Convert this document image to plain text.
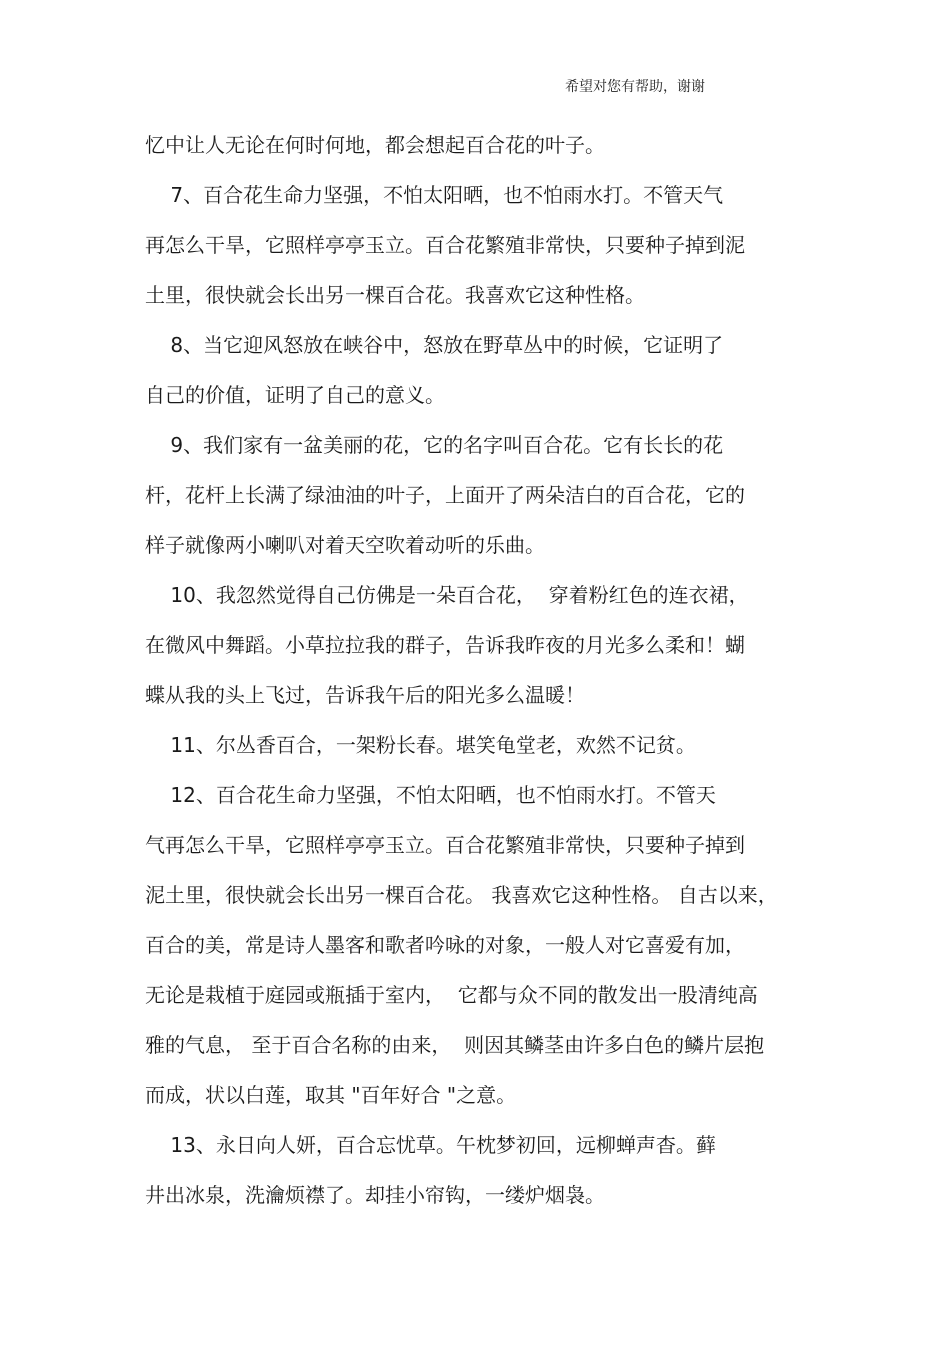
希望对您有帮助，谢谢
忆中让人无论在何时何地，都会想起百合花的叶子。
7、百合花生命力坚强，不怕太阳晒，也不怕雨水打。不管天气
再怎么干旱，它照样亭亭玉立。百合花繁殖非常快，只要种子掉到泥
土里，很快就会长出另一棵百合花。我喜欢它这种性格。
8、当它迎风怒放在峡谷中，怒放在野草丛中的时候，它证明了
自己的价值，证明了自己的意义。
9、我们家有一盆美丽的花，它的名字叫百合花。它有长长的花
杆，花杆上长满了绿油油的叶子，上面开了两朵洁白的百合花，它的
样子就像两小喇叭对着天空吹着动听的乐曲。
10、我忽然觉得自己仿佛是一朵百合花，  穿着粉红色的连衣裙，
在微风中舞蹈。小草拉拉我的群子，告诉我昨夜的月光多么柔和！蝴
蝶从我的头上飞过，告诉我午后的阳光多么温暖！
11、尔丛香百合，一架粉长春。堪笑龟堂老，欢然不记贫。
12、百合花生命力坚强，不怕太阳晒，也不怕雨水打。不管天
气再怎么干旱，它照样亭亭玉立。百合花繁殖非常快，只要种子掉到
泥土里，很快就会长出另一棵百合花。 我喜欢它这种性格。 自古以来，
百合的美，常是诗人墨客和歌者吟咏的对象，一般人对它喜爱有加，
无论是栽植于庭园或瓶插于室内，  它都与众不同的散发出一股清纯高
雅的气息， 至于百合名称的由来，  则因其鳞茎由许多白色的鳞片层抱
而成，状以白莲，取其 "百年好合 "之意。
13、永日向人妍，百合忘忧草。午枕梦初回，远柳蝉声杳。藓
井出冰泉，洗瀹烦襟了。却挂小帘钩，一缕炉烟袅。
